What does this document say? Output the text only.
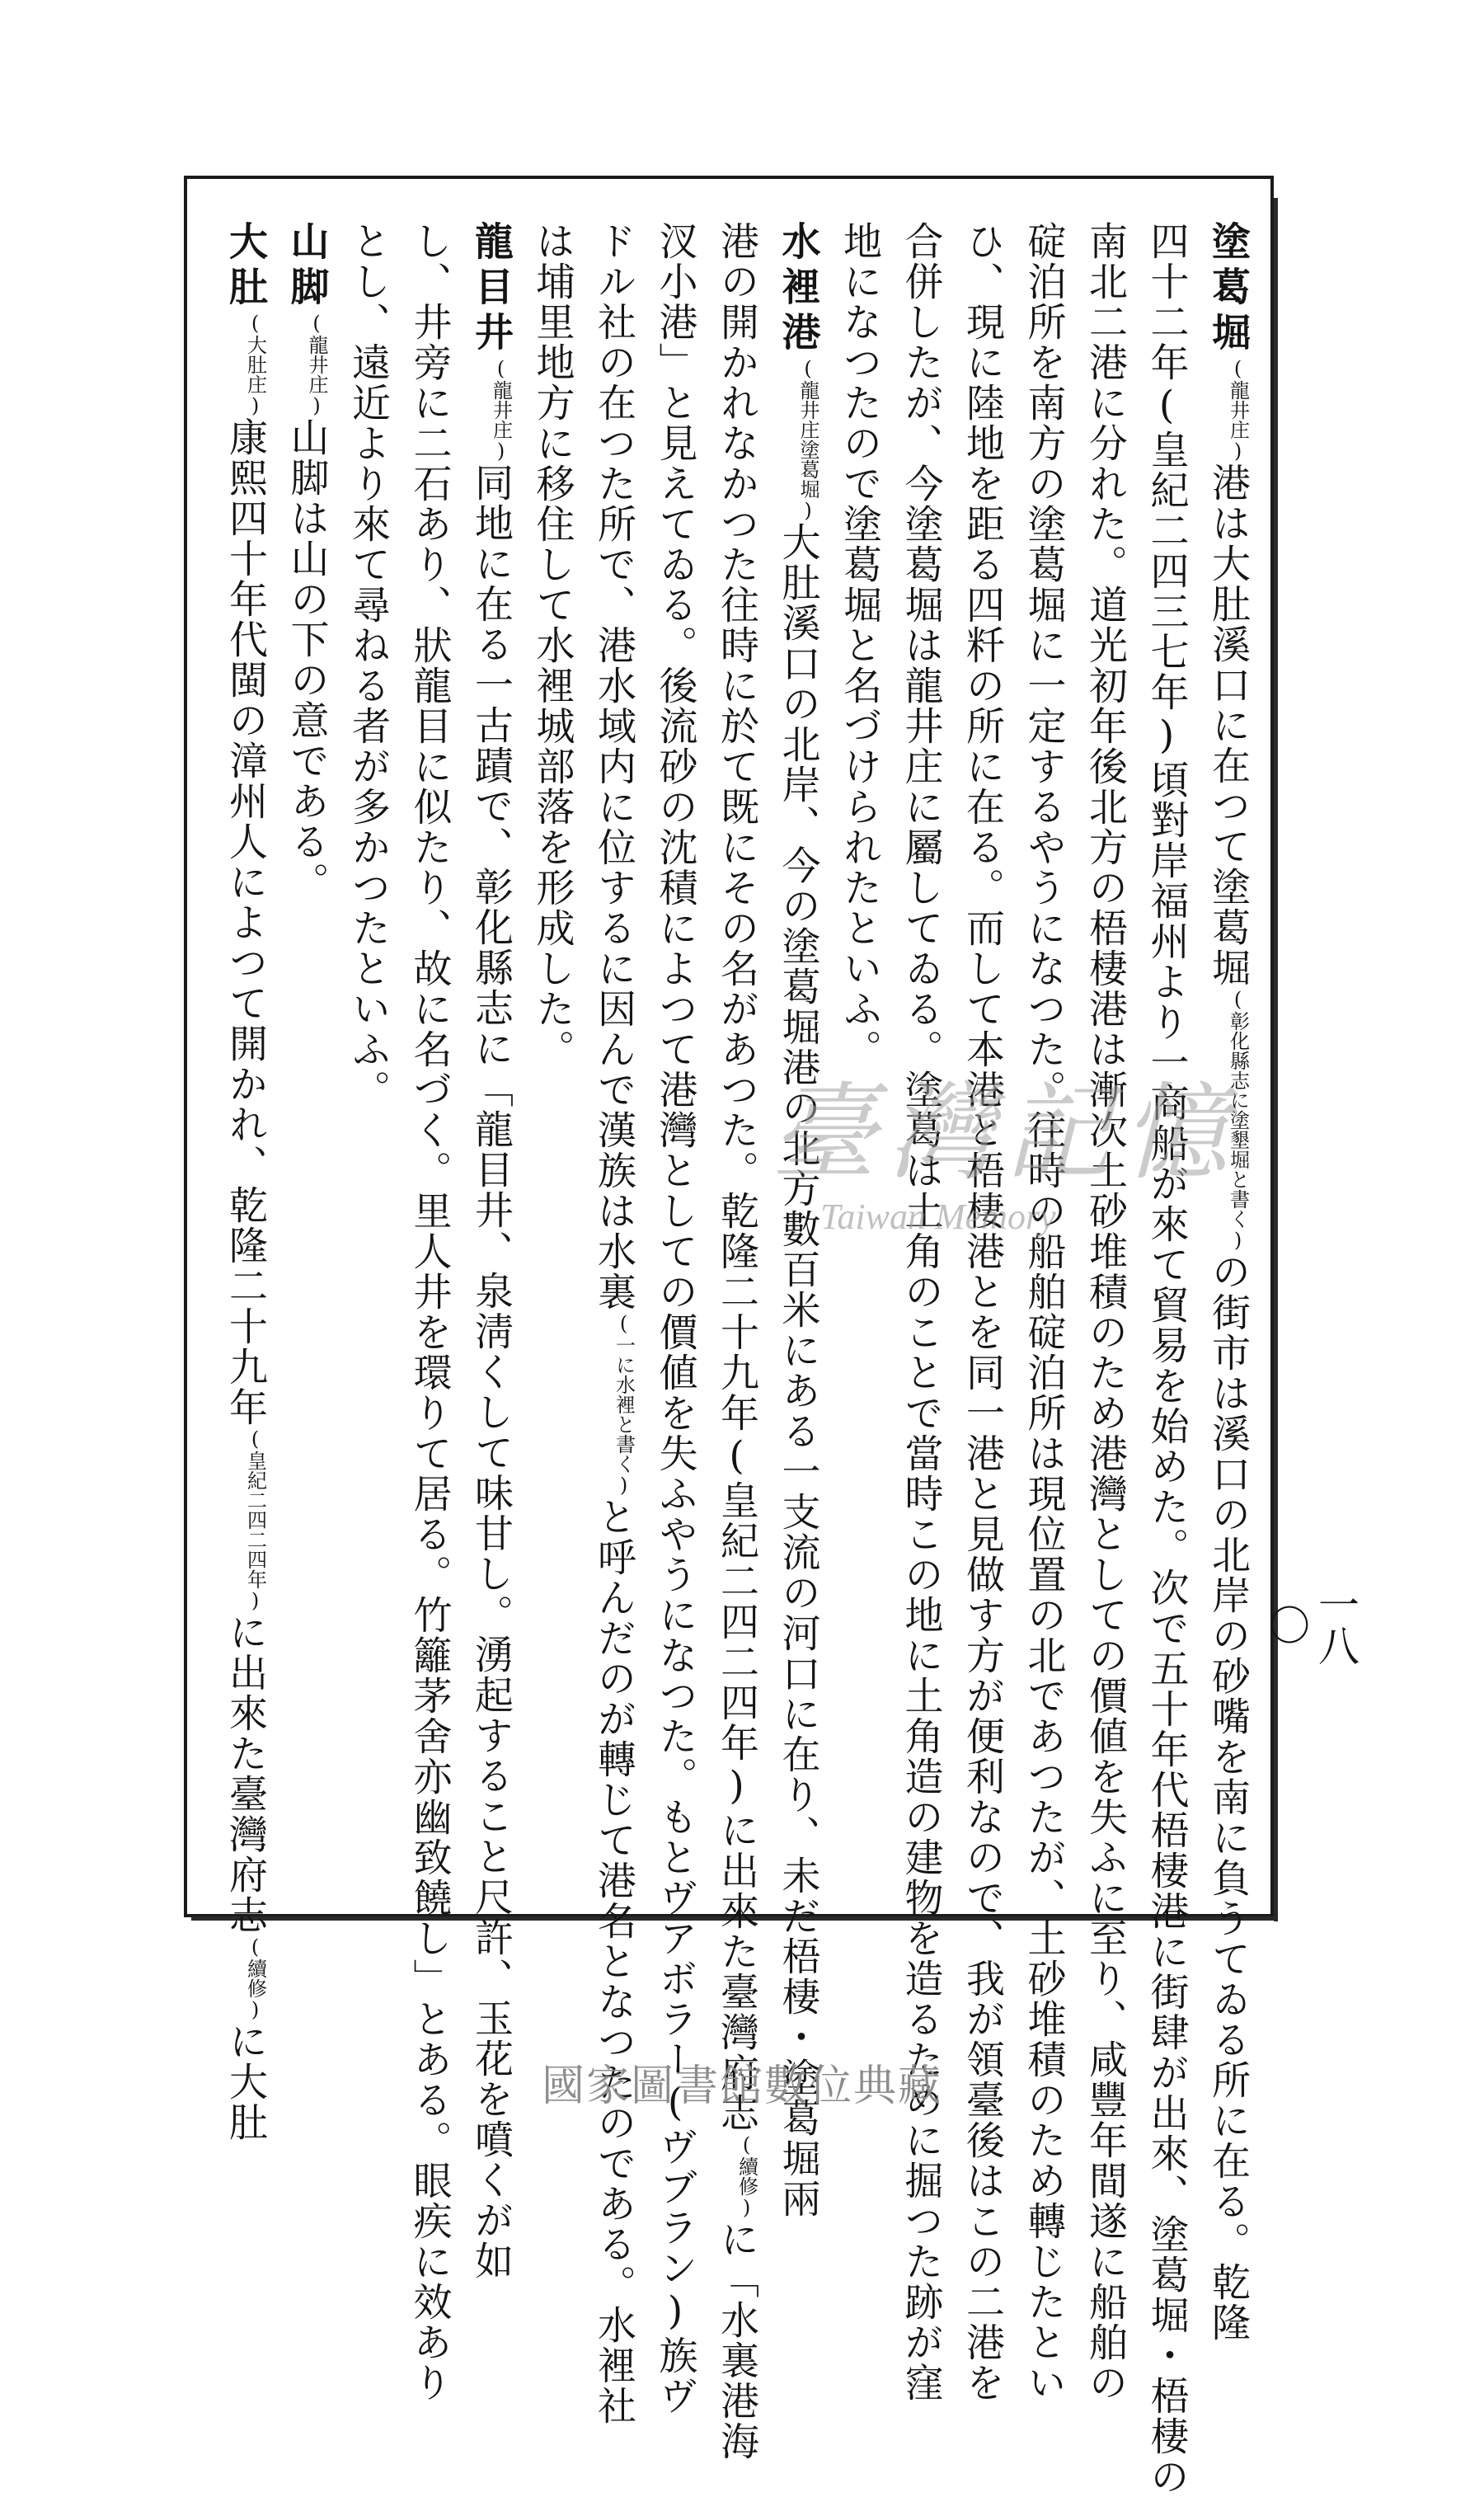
一八〇
塗葛堀(龍井庄)港は大肚溪口に在つて塗葛堀(彰化縣志に塗墾堀と書く)の街市は溪口の北岸の砂嘴を南に負うてゐる所に在る。乾隆
四十二年(皇紀二四三七年)頃對岸福州より一商船が來て貿易を始めた。次で五十年代梧棲港に街肆が出來、塗葛堀・梧棲の
南北二港に分れた。道光初年後北方の梧棲港は漸次土砂堆積のため港灣としての價値を失ふに至り、咸豐年間遂に船舶の
碇泊所を南方の塗葛堀に一定するやうになつた。往時の船舶碇泊所は現位置の北であつたが、土砂堆積のため轉じたとい
ひ、現に陸地を距る四粁の所に在る。而して本港と梧棲港とを同一港と見做す方が便利なので、我が領臺後はこの二港を
合併したが、今塗葛堀は龍井庄に屬してゐる。塗葛は土角のことで當時この地に土角造の建物を造るために掘つた跡が窪
地になつたので塗葛堀と名づけられたといふ。
水裡港(龍井庄塗葛堀)大肚溪口の北岸、今の塗葛堀港の北方數百米にある一支流の河口に在り、未だ梧棲・塗葛堀兩
港の開かれなかつた往時に於て既にその名があつた。乾隆二十九年(皇紀二四二四年)に出來た臺灣府志(續修)に「水裏港海
汊小港」と見えてゐる。後流砂の沈積によつて港灣としての價値を失ふやうになつた。もとヴアボラー(ヴブラン)族ヴ
ドル社の在つた所で、港水域内に位するに因んで漢族は水裏(一に水裡と書く)と呼んだのが轉じて港名となつたのである。水裡社
は埔里地方に移住して水裡城部落を形成した。
龍目井(龍井庄)同地に在る一古蹟で、彰化縣志に「龍目井、泉淸くして味甘し。湧起すること尺許、玉花を噴くが如
し、井旁に二石あり、狀龍目に似たり、故に名づく。里人井を環りて居る。竹籬茅舍亦幽致饒し」とある。眼疾に效あり
とし、遠近より來て尋ねる者が多かつたといふ。
山脚(龍井庄)山脚は山の下の意である。
大肚(大肚庄)康熙四十年代閩の漳州人によつて開かれ、乾隆二十九年(皇紀二四二四年)に出來た臺灣府志(續修)に大肚
臺灣記憶
Taiwan Memory
國家圖書館數位典藏
